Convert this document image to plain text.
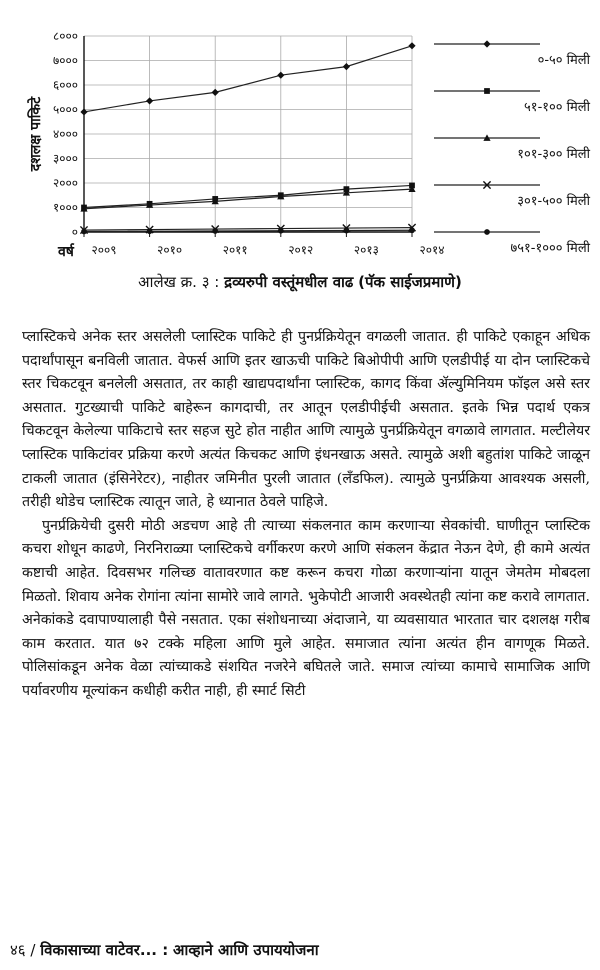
०
१०००
२०००
३०००
४०००
५०००
६०००
७०००
८०००
२००९	२०१०	२०११	२०१२	२०१३	२०१४
दशलक्ष पाकिटे
वर्ष
०-५० मिली
५१-१०० मिली
१०१-३०० मिली
३०१-५०० मिली
७५१-१००० मिली
आलेख क्र. ३ : द्रव्यरुपी वस्तूंमधील वाढ (पॅक साईजप्रमाणे)

प्लास्टिकचे अनेक स्तर असलेली प्लास्टिक पाकिटे ही पुनर्प्रक्रियेतून वगळली जातात. ही पाकिटे एकाहून अधिक पदार्थांपासून बनविली जातात. वेफर्स आणि इतर खाऊची पाकिटे बिओपीपी आणि एलडीपीई या दोन प्लास्टिकचे स्तर चिकटवून बनलेली असतात, तर काही खाद्यपदार्थांना प्लास्टिक, कागद किंवा ॲल्युमिनियम फॉइल असे स्तर असतात. गुटख्याची पाकिटे बाहेरून कागदाची, तर आतून एलडीपीईची असतात. इतके भिन्न पदार्थ एकत्र चिकटवून केलेल्या पाकिटाचे स्तर सहज सुटे होत नाहीत आणि त्यामुळे पुनर्प्रक्रियेतून वगळावे लागतात. मल्टीलेयर प्लास्टिक पाकिटांवर प्रक्रिया करणे अत्यंत किचकट आणि इंधनखाऊ असते. त्यामुळे अशी बहुतांश पाकिटे जाळून टाकली जातात (इंसिनेरेटर), नाहीतर जमिनीत पुरली जातात (लँडफिल). त्यामुळे पुनर्प्रक्रिया आवश्यक असली, तरीही थोडेच प्लास्टिक त्यातून जाते, हे ध्यानात ठेवले पाहिजे.

पुनर्प्रक्रियेची दुसरी मोठी अडचण आहे ती त्याच्या संकलनात काम करणाऱ्या सेवकांची. घाणीतून प्लास्टिक कचरा शोधून काढणे, निरनिराळ्या प्लास्टिकचे वर्गीकरण करणे आणि संकलन केंद्रात नेऊन देणे, ही कामे अत्यंत कष्टाची आहेत. दिवसभर गलिच्छ वातावरणात कष्ट करून कचरा गोळा करणाऱ्यांना यातून जेमतेम मोबदला मिळतो. शिवाय अनेक रोगांना त्यांना सामोरे जावे लागते. भुकेपोटी आजारी अवस्थेतही त्यांना कष्ट करावे लागतात. अनेकांकडे दवापाण्यालाही पैसे नसतात. एका संशोधनाच्या अंदाजाने, या व्यवसायात भारतात चार दशलक्ष गरीब काम करतात. यात ७२ टक्के महिला आणि मुले आहेत. समाजात त्यांना अत्यंत हीन वागणूक मिळते. पोलिसांकडून अनेक वेळा त्यांच्याकडे संशयित नजरेने बघितले जाते. समाज त्यांच्या कामाचे सामाजिक आणि पर्यावरणीय मूल्यांकन कधीही करीत नाही, ही स्मार्ट सिटी

४६ / विकासाच्या वाटेवर... : आव्हाने आणि उपाययोजना
